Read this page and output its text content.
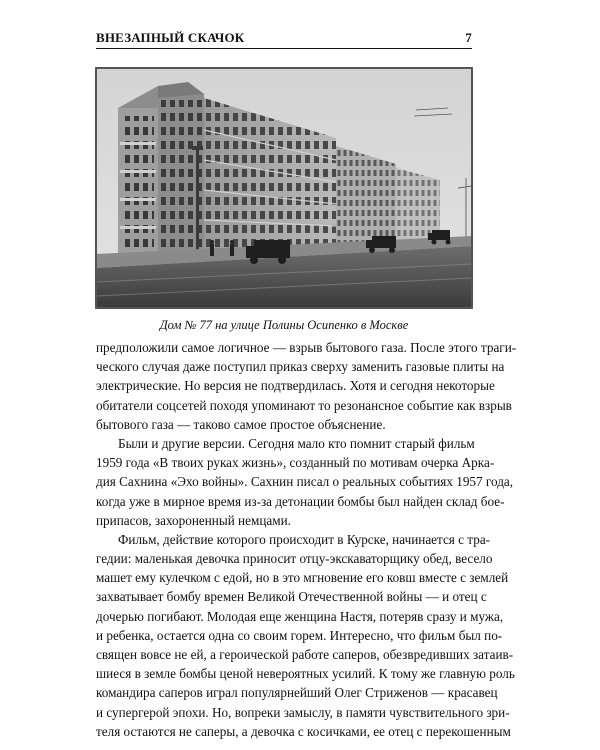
ВНЕЗАПНЫЙ СКАЧОК	7
Дом № 77 на улице Полины Осипенко в Москве
предположили самое логичное — взрыв бытового газа. После этого траги-
ческого случая даже поступил приказ сверху заменить газовые плиты на
электрические. Но версия не подтвердилась. Хотя и сегодня некоторые
обитатели соцсетей походя упоминают то резонансное событие как взрыв
бытового газа — таково самое простое объяснение.
Были и другие версии. Сегодня мало кто помнит старый фильм
1959 года «В твоих руках жизнь», созданный по мотивам очерка Арка-
дия Сахнина «Эхо войны». Сахнин писал о реальных событиях 1957 года,
когда уже в мирное время из-за детонации бомбы был найден склад бое-
припасов, захороненный немцами.
Фильм, действие которого происходит в Курске, начинается с тра-
гедии: маленькая девочка приносит отцу-экскаваторщику обед, весело
машет ему кулечком с едой, но в это мгновение его ковш вместе с землей
захватывает бомбу времен Великой Отечественной войны — и отец с
дочерью погибают. Молодая еще женщина Настя, потеряв сразу и мужа,
и ребенка, остается одна со своим горем. Интересно, что фильм был по-
священ вовсе не ей, а героической работе саперов, обезвредивших затаив-
шиеся в земле бомбы ценой невероятных усилий. К тому же главную роль
командира саперов играл популярнейший Олег Стриженов — красавец
и супергерой эпохи. Но, вопреки замыслу, в памяти чувствительного зри-
теля остаются не саперы, а девочка с косичками, ее отец с перекошенным
